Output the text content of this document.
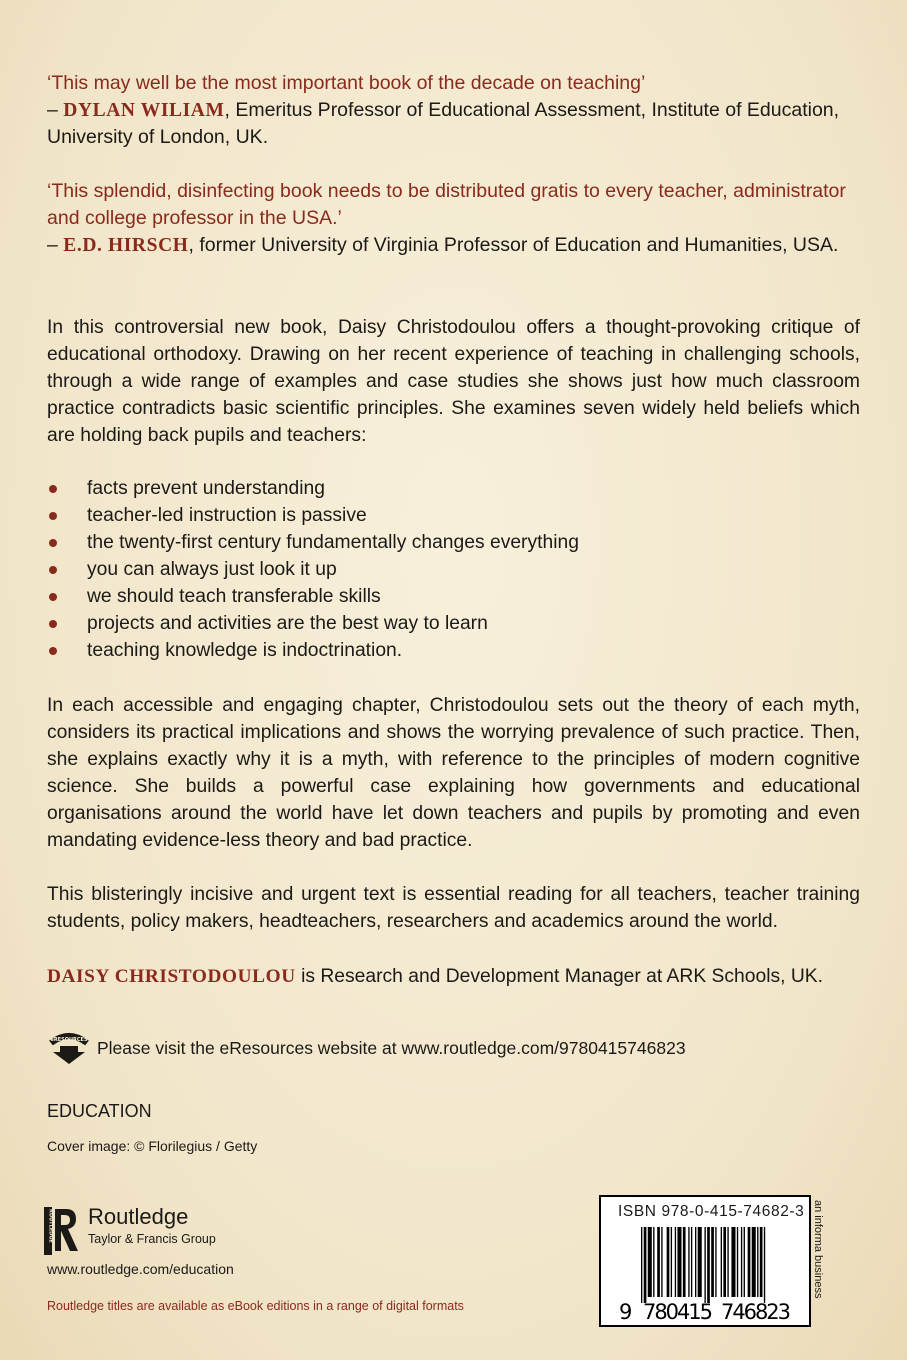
‘This may well be the most important book of the decade on teaching’
– DYLAN WILIAM, Emeritus Professor of Educational Assessment, Institute of Education,
University of London, UK.
‘This splendid, disinfecting book needs to be distributed gratis to every teacher, administrator
and college professor in the USA.’
– E.D. HIRSCH, former University of Virginia Professor of Education and Humanities, USA.
In this controversial new book, Daisy Christodoulou offers a thought-provoking critique of educational orthodoxy. Drawing on her recent experience of teaching in challenging schools, through a wide range of examples and case studies she shows just how much classroom practice contradicts basic scientific principles. She examines seven widely held beliefs which are holding back pupils and teachers:
facts prevent understanding
teacher-led instruction is passive
the twenty-first century fundamentally changes everything
you can always just look it up
we should teach transferable skills
projects and activities are the best way to learn
teaching knowledge is indoctrination.
In each accessible and engaging chapter, Christodoulou sets out the theory of each myth, considers its practical implications and shows the worrying prevalence of such practice. Then, she explains exactly why it is a myth, with reference to the principles of modern cognitive science. She builds a powerful case explaining how governments and educational organisations around the world have let down teachers and pupils by promoting and even mandating evidence-less theory and bad practice.
This blisteringly incisive and urgent text is essential reading for all teachers, teacher training students, policy makers, headteachers, researchers and academics around the world.
DAISY CHRISTODOULOU is Research and Development Manager at ARK Schools, UK.
eRESOURCES Please visit the eResources website at www.routledge.com/9780415746823
EDUCATION
Cover image: © Florilegius / Getty
ROUTLEDGE Routledge
Taylor & Francis Group
www.routledge.com/education
Routledge titles are available as eBook editions in a range of digital formats	9 780415 746823
ISBN 978-0-415-74682-3 an informa business
